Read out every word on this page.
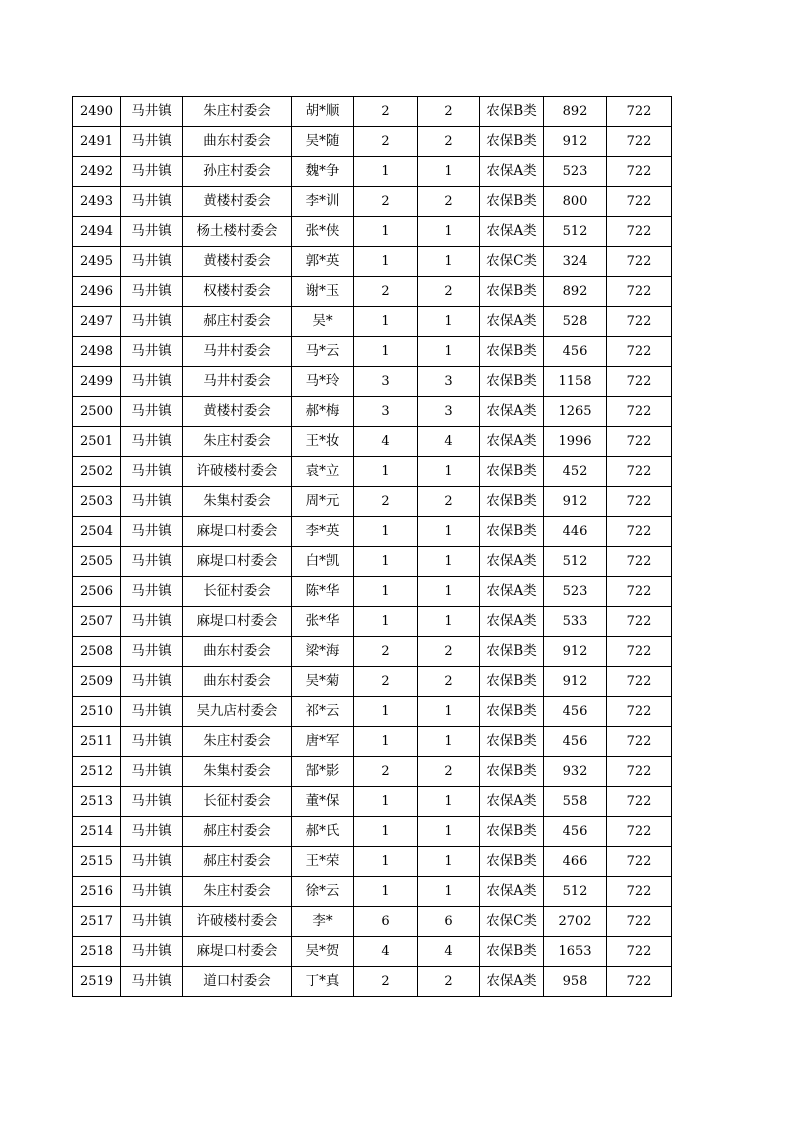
2490	马井镇	朱庄村委会	胡*顺	2	2	农保B类	892	722
2491	马井镇	曲东村委会	吴*随	2	2	农保B类	912	722
2492	马井镇	孙庄村委会	魏*争	1	1	农保A类	523	722
2493	马井镇	黄楼村委会	李*训	2	2	农保B类	800	722
2494	马井镇	杨土楼村委会	张*侠	1	1	农保A类	512	722
2495	马井镇	黄楼村委会	郭*英	1	1	农保C类	324	722
2496	马井镇	权楼村委会	谢*玉	2	2	农保B类	892	722
2497	马井镇	郝庄村委会	吴*	1	1	农保A类	528	722
2498	马井镇	马井村委会	马*云	1	1	农保B类	456	722
2499	马井镇	马井村委会	马*玲	3	3	农保B类	1158	722
2500	马井镇	黄楼村委会	郝*梅	3	3	农保A类	1265	722
2501	马井镇	朱庄村委会	王*妆	4	4	农保A类	1996	722
2502	马井镇	许破楼村委会	袁*立	1	1	农保B类	452	722
2503	马井镇	朱集村委会	周*元	2	2	农保B类	912	722
2504	马井镇	麻堤口村委会	李*英	1	1	农保B类	446	722
2505	马井镇	麻堤口村委会	白*凯	1	1	农保A类	512	722
2506	马井镇	长征村委会	陈*华	1	1	农保A类	523	722
2507	马井镇	麻堤口村委会	张*华	1	1	农保A类	533	722
2508	马井镇	曲东村委会	梁*海	2	2	农保B类	912	722
2509	马井镇	曲东村委会	吴*菊	2	2	农保B类	912	722
2510	马井镇	吴九店村委会	祁*云	1	1	农保B类	456	722
2511	马井镇	朱庄村委会	唐*军	1	1	农保B类	456	722
2512	马井镇	朱集村委会	郜*影	2	2	农保B类	932	722
2513	马井镇	长征村委会	董*保	1	1	农保A类	558	722
2514	马井镇	郝庄村委会	郝*氏	1	1	农保B类	456	722
2515	马井镇	郝庄村委会	王*荣	1	1	农保B类	466	722
2516	马井镇	朱庄村委会	徐*云	1	1	农保A类	512	722
2517	马井镇	许破楼村委会	李*	6	6	农保C类	2702	722
2518	马井镇	麻堤口村委会	吴*贺	4	4	农保B类	1653	722
2519	马井镇	道口村委会	丁*真	2	2	农保A类	958	722
